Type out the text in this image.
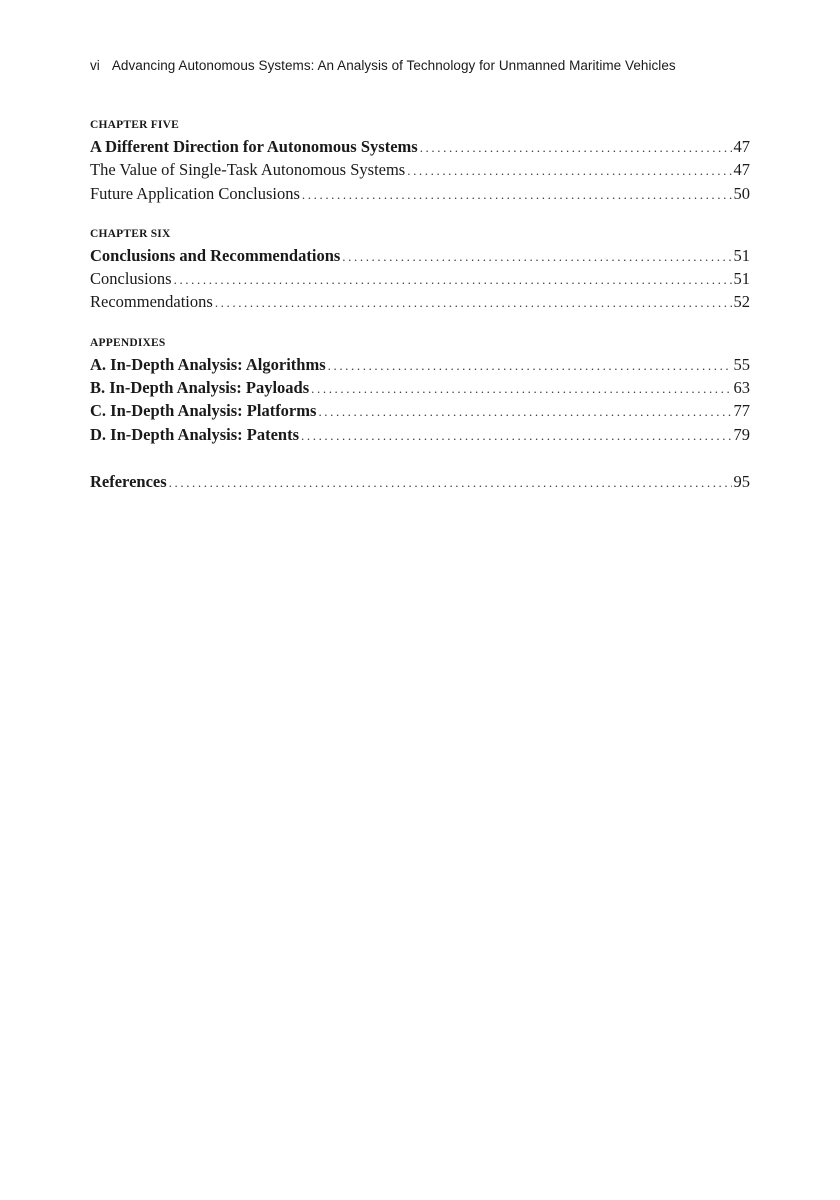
vi Advancing Autonomous Systems: An Analysis of Technology for Unmanned Maritime Vehicles
CHAPTER FIVE
A Different Direction for Autonomous Systems .....	47
The Value of Single-Task Autonomous Systems .....	47
Future Application Conclusions .....	50
CHAPTER SIX
Conclusions and Recommendations .....	51
Conclusions .....	51
Recommendations .....	52
APPENDIXES
A. In-Depth Analysis: Algorithms .....	55
B. In-Depth Analysis: Payloads .....	63
C. In-Depth Analysis: Platforms .....	77
D. In-Depth Analysis: Patents .....	79
References .....	95
